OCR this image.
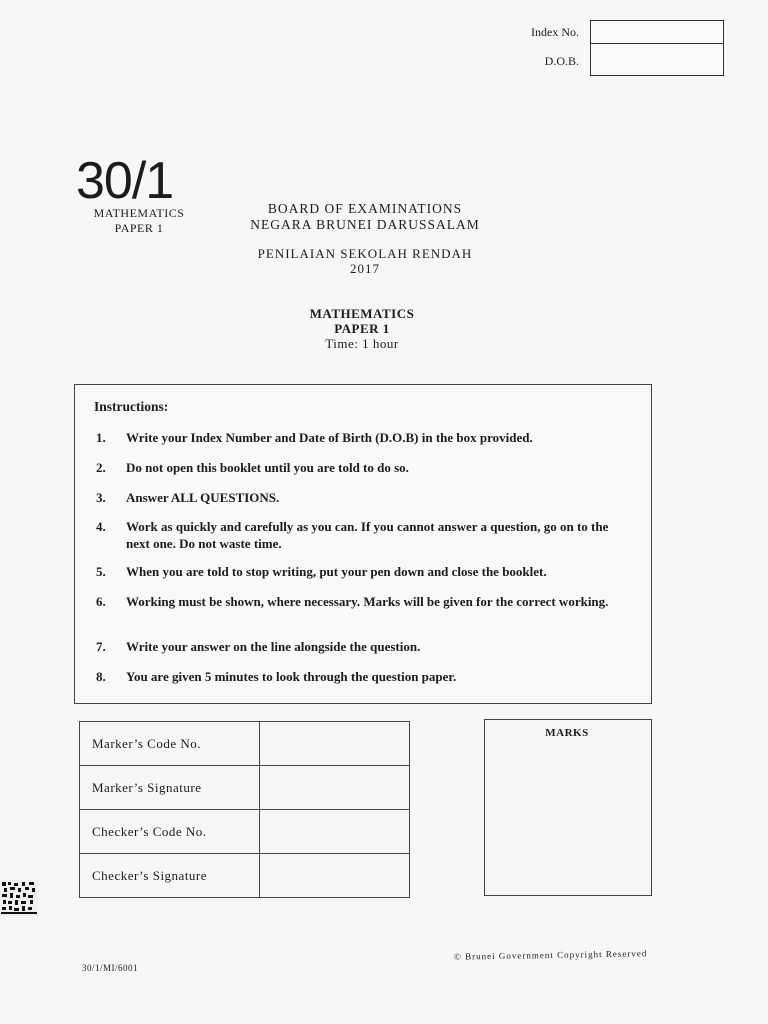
Index No.
D.O.B.
30/1
MATHEMATICS
PAPER 1
BOARD OF EXAMINATIONS
NEGARA BRUNEI DARUSSALAM
PENILAIAN SEKOLAH RENDAH
2017
MATHEMATICS
PAPER 1
Time: 1 hour
Instructions:
1. Write your Index Number and Date of Birth (D.O.B) in the box provided.
2. Do not open this booklet until you are told to do so.
3. Answer ALL QUESTIONS.
4.	Work as quickly and carefully as you can. If you cannot answer a question, go on to the next one. Do not waste time.
5. When you are told to stop writing, put your pen down and close the booklet.
6.	Working must be shown, where necessary. Marks will be given for the correct working.
7. Write your answer on the line alongside the question.
8. You are given 5 minutes to look through the question paper.
Marker’s Code No.	
Marker’s Signature	
Checker’s Code No.	
Checker’s Signature	
MARKS
30/1/MI/6001
© Brunei Government Copyright Reserved
